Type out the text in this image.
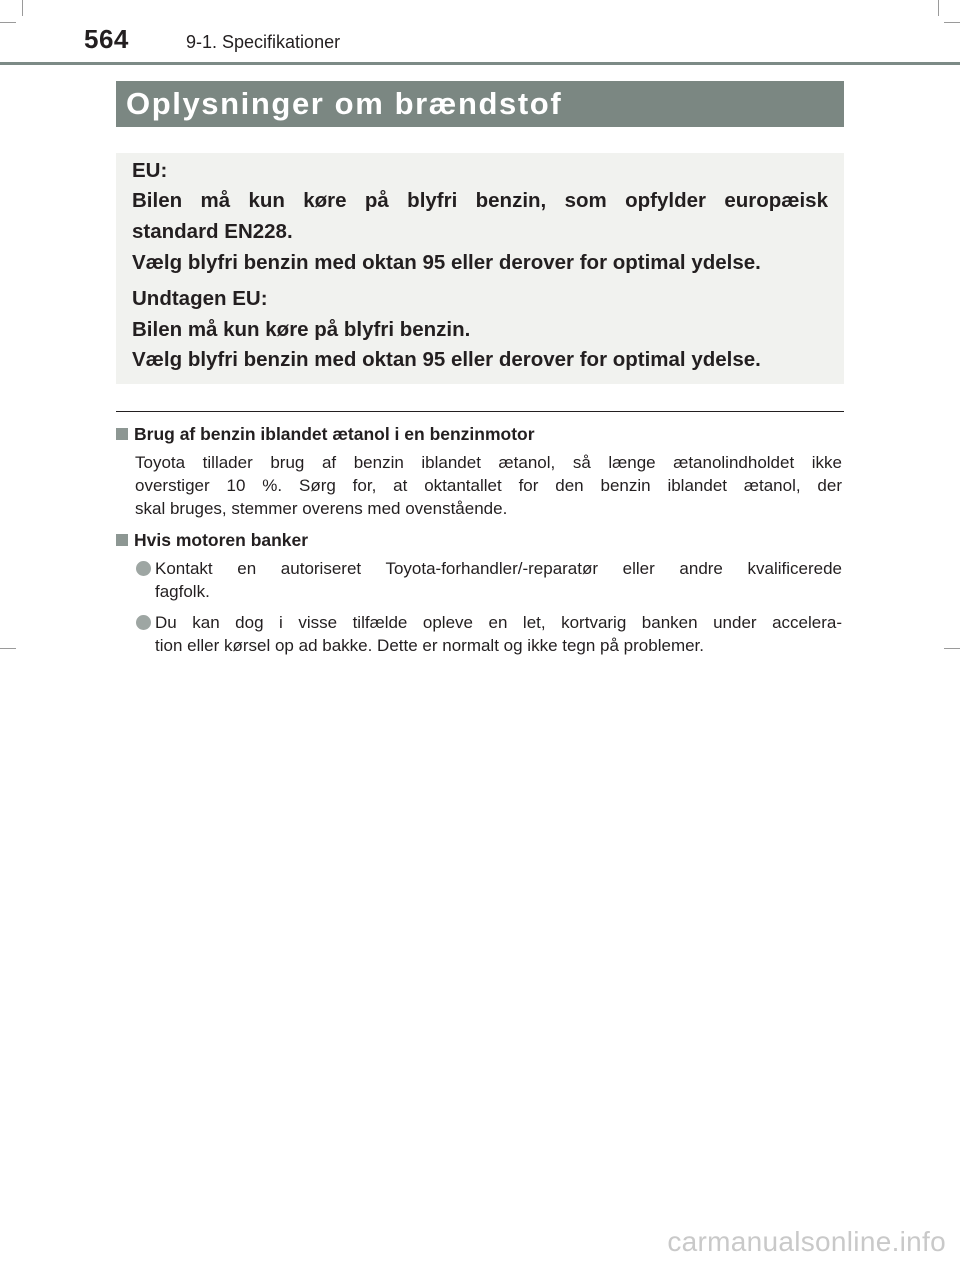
564	9-1. Specifikationer
Oplysninger om brændstof
EU:
Bilen må kun køre på blyfri benzin, som opfylder europæisk
standard EN228.
Vælg blyfri benzin med oktan 95 eller derover for optimal ydelse.
Undtagen EU:
Bilen må kun køre på blyfri benzin.
Vælg blyfri benzin med oktan 95 eller derover for optimal ydelse.
Brug af benzin iblandet ætanol i en benzinmotor
Toyota tillader brug af benzin iblandet ætanol, så længe ætanolindholdet ikke
overstiger 10 %. Sørg for, at oktantallet for den benzin iblandet ætanol, der
skal bruges, stemmer overens med ovenstående.
Hvis motoren banker
Kontakt en autoriseret Toyota-forhandler/-reparatør eller andre kvalificerede
fagfolk.
Du kan dog i visse tilfælde opleve en let, kortvarig banken under accelera-
tion eller kørsel op ad bakke. Dette er normalt og ikke tegn på problemer.
carmanualsonline.info
